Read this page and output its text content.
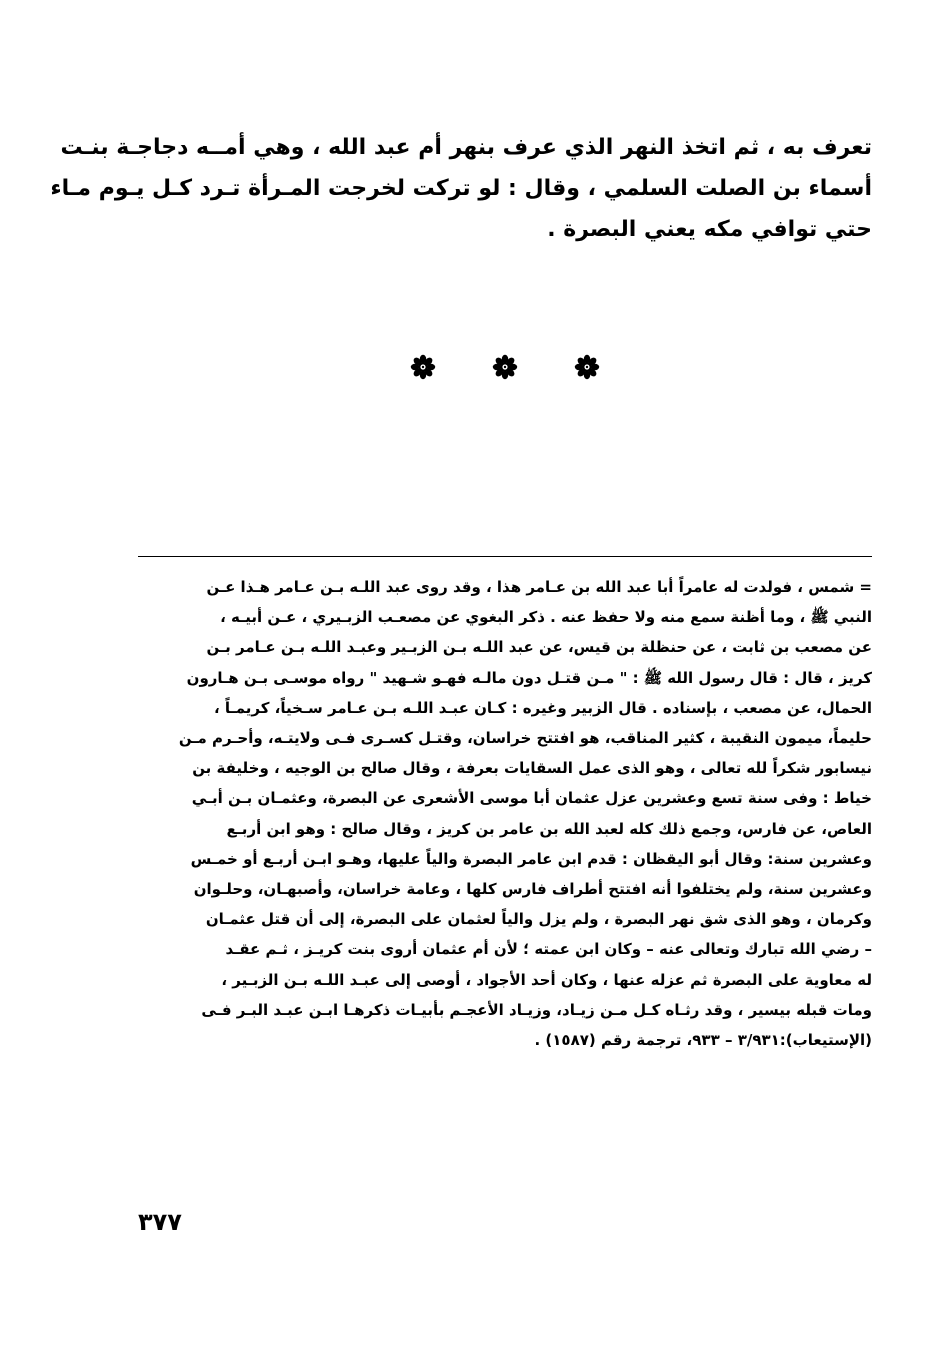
تعرف به ، ثم اتخذ النهر الذي عرف بنهر أم عبد الله ، وهي أمــه دجاجـة بنـت
أسماء بن الصلت السلمي ، وقال : لو تركت لخرجت المـرأة تـرد كـل يـوم مـاء
حتي توافي مكه يعني البصرة .
= شمس ، فولدت له عامراً أبا عبد الله بن عـامر هذا ، وقد روى عبد اللـه بـن عـامر هـذا عـن
النبي ﷺ ، وما أظنة سمع منه ولا حفظ عنه . ذكر البغوي عن مصعـب الزبـيري ، عـن أبيـه ،
عن مصعب بن ثابت ، عن حنظلة بن قيس، عن عبد اللـه بـن الزبـير وعبـد اللـه بـن عـامر بـن
كريز ، قال : قال رسول الله ﷺ : " مـن قتـل دون مالـه فهـو شـهيد " رواه موسـى بـن هـارون
الحمال، عن مصعب ، بإسناده . قال الزبير وغيره : كـان عبـد اللـه بـن عـامر سـخياً، كريمـاً ،
حليماً، ميمون النقيبة ، كثير المناقب، هو افتتح خراسان، وقتـل كسـرى فـى ولايتـه، وأحـرم مـن
نيسابور شكراً لله تعالى ، وهو الذى عمل السقايات بعرفة ، وقال صالح بن الوجيه ، وخليفة بن
خياط : وفى سنة تسع وعشرين عزل عثمان أبا موسى الأشعرى عن البصرة، وعثمـان بـن أبـي
العاص، عن فارس، وجمع ذلك كله لعبد الله بن عامر بن كريز ، وقال صالح : وهو ابن أربـع
وعشرين سنة: وقال أبو اليقظان : قدم ابن عامر البصرة والياً عليها، وهـو ابـن أربـع أو خمـس
وعشرين سنة، ولم يختلفوا أنه افتتح أطراف فارس كلها ، وعامة خراسان، وأصبهـان، وحلـوان
وكرمان ، وهو الذى شق نهر البصرة ، ولم يزل والياً لعثمان على البصرة، إلى أن قتل عثمـان
– رضي الله تبارك وتعالى عنه – وكان ابن عمته ؛ لأن أم عثمان أروى بنت كريـز ، ثـم عقـد
له معاوية على البصرة ثم عزله عنها ، وكان أحد الأجواد ، أوصى إلى عبـد اللـه بـن الزبـير ،
ومات قبله بيسير ، وقد رثـاه كـل مـن زيـاد، وزيـاد الأعجـم بأبيـات ذكرهـا ابـن عبـد البـر فـى
(الإستيعاب):٣/٩٣١ – ٩٣٣، ترجمة رقم (١٥٨٧) .
٣٧٧
